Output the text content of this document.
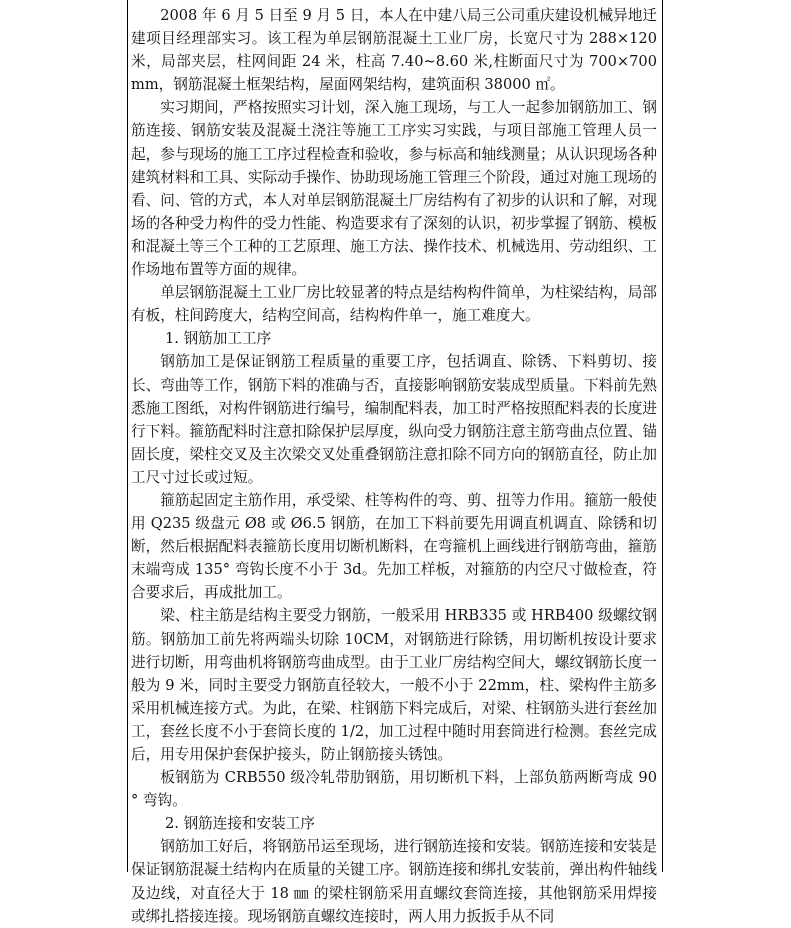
2008 年 6 月 5 日至 9 月 5 日，本人在中建八局三公司重庆建设机械异地迁建项目经理部实习。该工程为单层钢筋混凝土工业厂房，长宽尺寸为 288×120 米，局部夹层，柱网间距 24 米，柱高 7.40~8.60 米,柱断面尺寸为 700×700 mm，钢筋混凝土框架结构，屋面网架结构，建筑面积 38000 ㎡。

实习期间，严格按照实习计划，深入施工现场，与工人一起参加钢筋加工、钢筋连接、钢筋安装及混凝土浇注等施工工序实习实践，与项目部施工管理人员一起，参与现场的施工工序过程检查和验收，参与标高和轴线测量；从认识现场各种建筑材料和工具、实际动手操作、协助现场施工管理三个阶段，通过对施工现场的看、问、管的方式，本人对单层钢筋混凝土厂房结构有了初步的认识和了解，对现场的各种受力构件的受力性能、构造要求有了深刻的认识，初步掌握了钢筋、模板和混凝土等三个工种的工艺原理、施工方法、操作技术、机械选用、劳动组织、工作场地布置等方面的规律。

单层钢筋混凝土工业厂房比较显著的特点是结构构件简单，为柱梁结构，局部有板，柱间跨度大，结构空间高，结构构件单一，施工难度大。

1. 钢筋加工工序

钢筋加工是保证钢筋工程质量的重要工序，包括调直、除锈、下料剪切、接长、弯曲等工作，钢筋下料的准确与否，直接影响钢筋安装成型质量。下料前先熟悉施工图纸，对构件钢筋进行编号，编制配料表，加工时严格按照配料表的长度进行下料。箍筋配料时注意扣除保护层厚度，纵向受力钢筋注意主筋弯曲点位置、锚固长度，梁柱交叉及主次梁交叉处重叠钢筋注意扣除不同方向的钢筋直径，防止加工尺寸过长或过短。

箍筋起固定主筋作用，承受梁、柱等构件的弯、剪、扭等力作用。箍筋一般使用 Q235 级盘元 Ø8 或 Ø6.5 钢筋，在加工下料前要先用调直机调直、除锈和切断，然后根据配料表箍筋长度用切断机断料，在弯箍机上画线进行钢筋弯曲，箍筋末端弯成 135° 弯钩长度不小于 3d。先加工样板，对箍筋的内空尺寸做检查，符合要求后，再成批加工。

梁、柱主筋是结构主要受力钢筋，一般采用 HRB335 或 HRB400 级螺纹钢筋。钢筋加工前先将两端头切除 10CM，对钢筋进行除锈，用切断机按设计要求进行切断，用弯曲机将钢筋弯曲成型。由于工业厂房结构空间大，螺纹钢筋长度一般为 9 米，同时主要受力钢筋直径较大，一般不小于 22mm，柱、梁构件主筋多采用机械连接方式。为此，在梁、柱钢筋下料完成后，对梁、柱钢筋头进行套丝加工，套丝长度不小于套筒长度的 1/2，加工过程中随时用套筒进行检测。套丝完成后，用专用保护套保护接头，防止钢筋接头锈蚀。

板钢筋为 CRB550 级冷轧带肋钢筋，用切断机下料，上部负筋两断弯成 90 ° 弯钩。

2. 钢筋连接和安装工序

钢筋加工好后，将钢筋吊运至现场，进行钢筋连接和安装。钢筋连接和安装是保证钢筋混凝土结构内在质量的关键工序。钢筋连接和绑扎安装前，弹出构件轴线及边线，对直径大于 18 ㎜ 的梁柱钢筋采用直螺纹套筒连接，其他钢筋采用焊接或绑扎搭接连接。现场钢筋直螺纹连接时，两人用力扳扳手从不同
